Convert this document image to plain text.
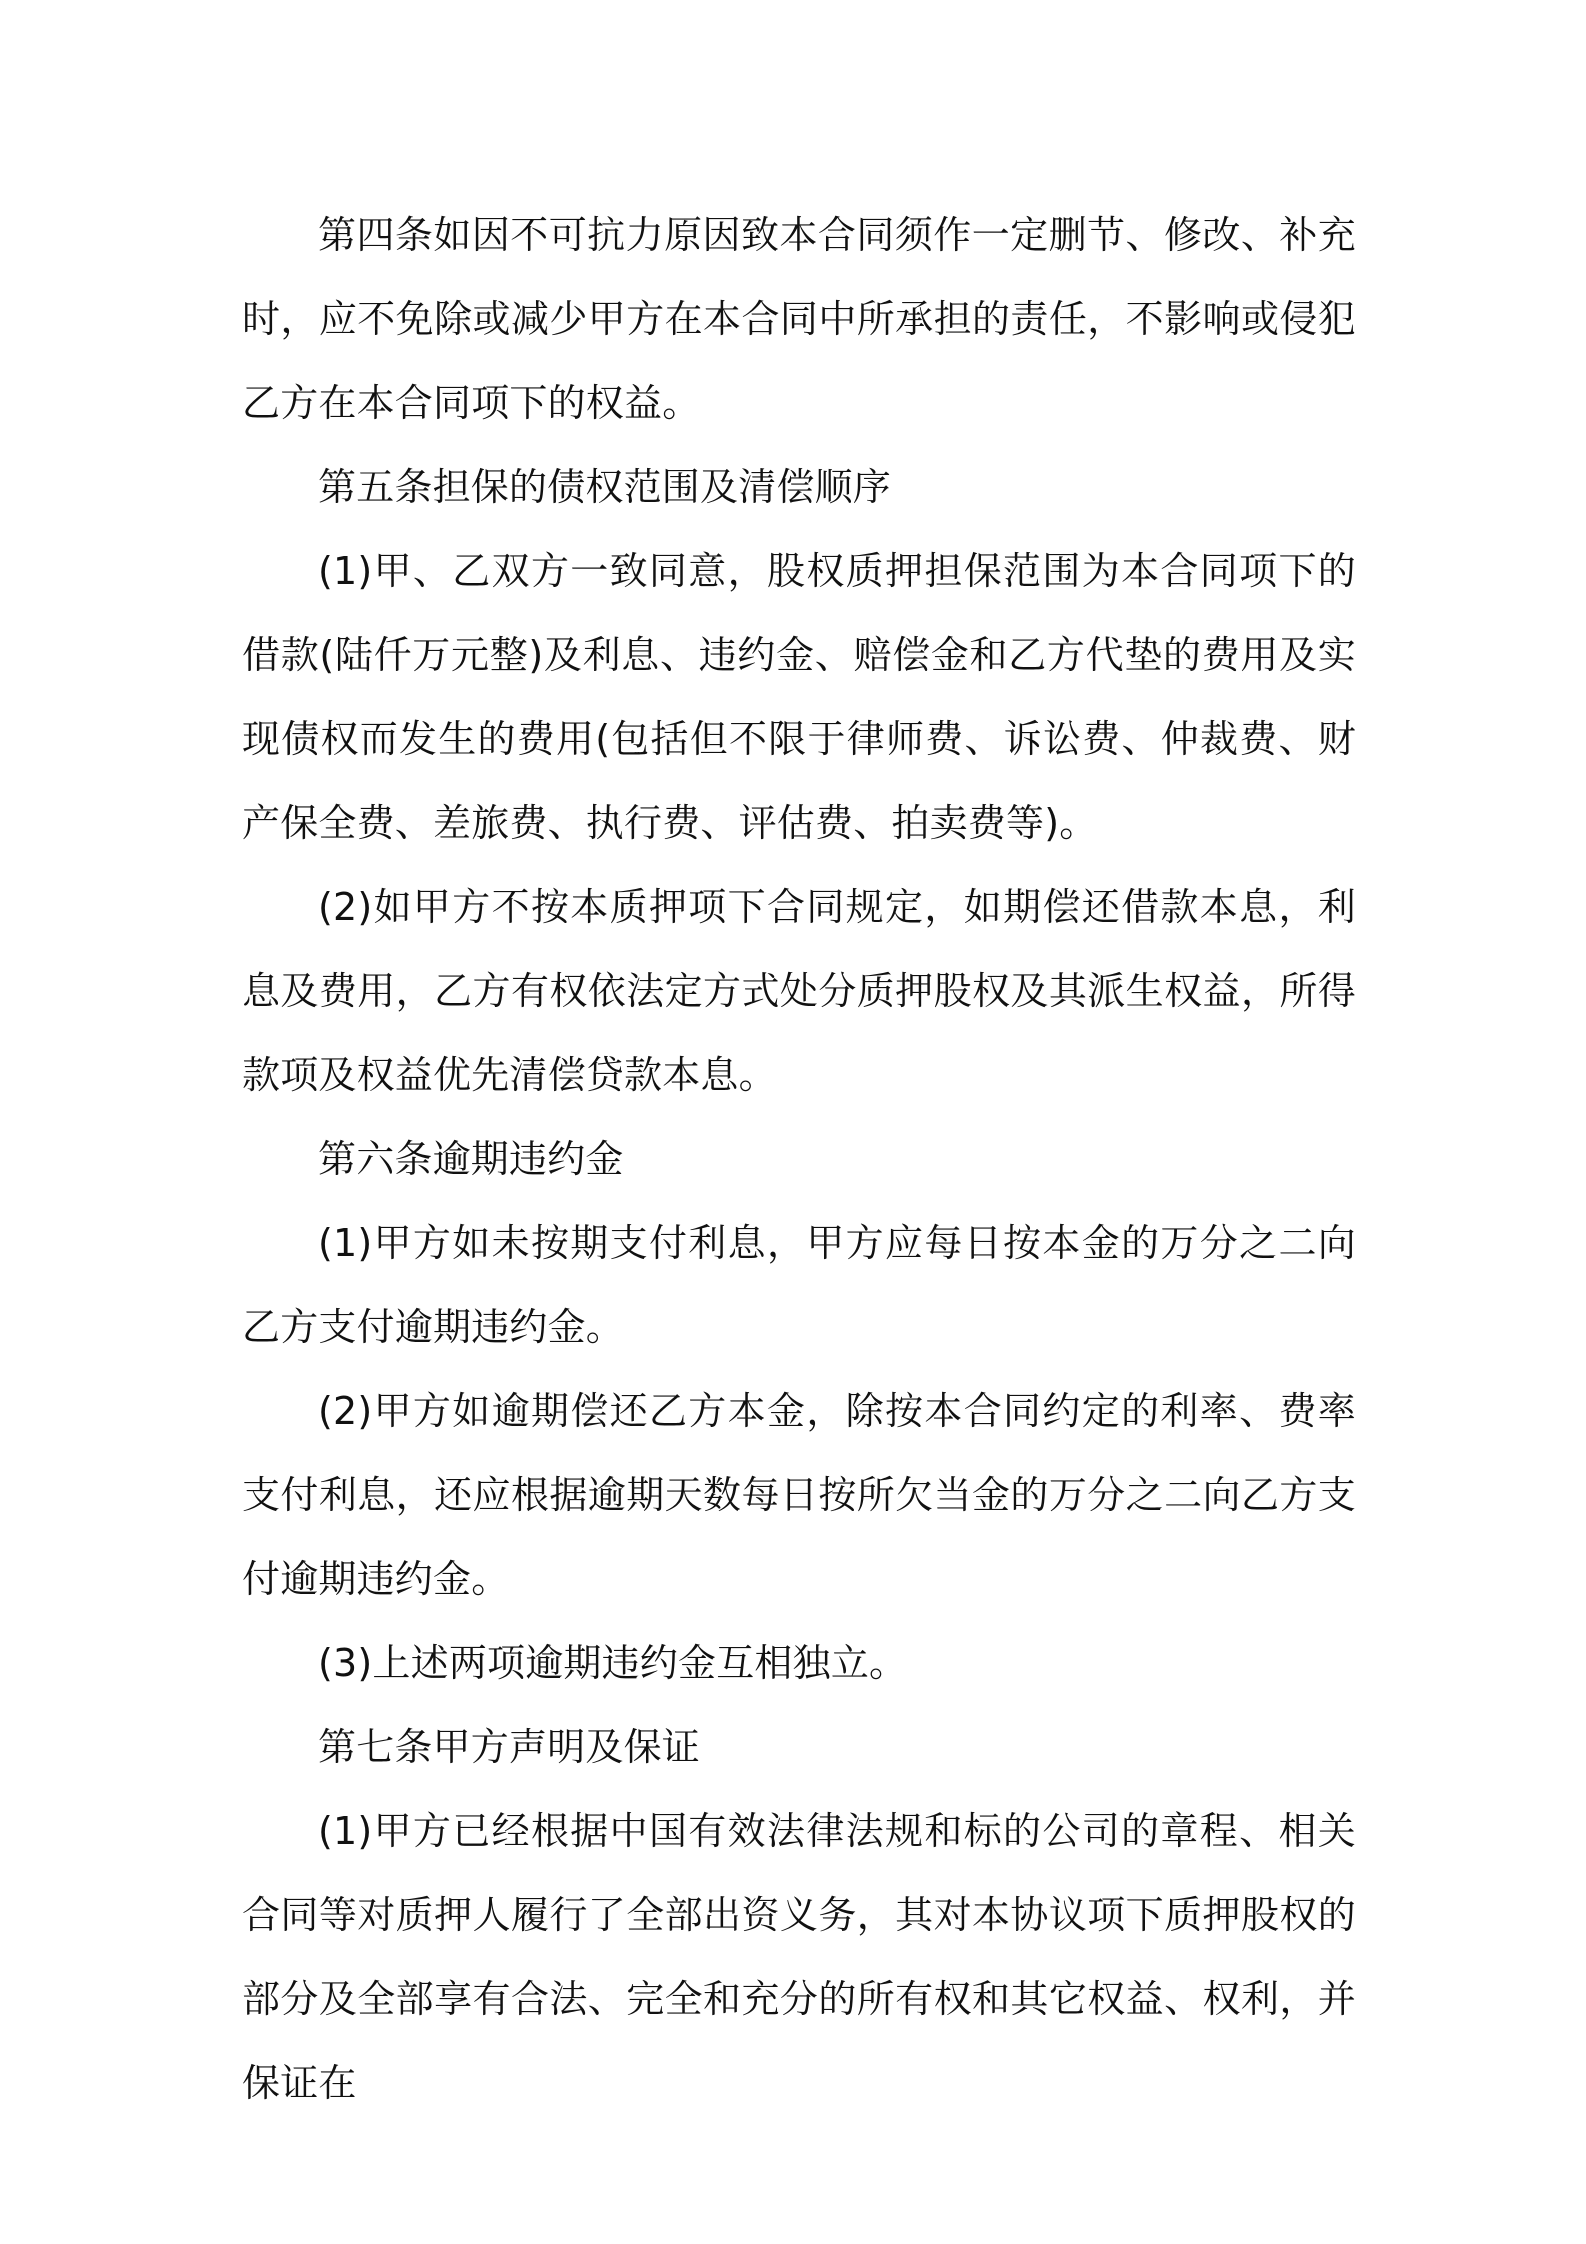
第四条如因不可抗力原因致本合同须作一定删节、修改、补充时，应不免除或减少甲方在本合同中所承担的责任，不影响或侵犯乙方在本合同项下的权益。

第五条担保的债权范围及清偿顺序

(1)甲、乙双方一致同意，股权质押担保范围为本合同项下的借款(陆仟万元整)及利息、违约金、赔偿金和乙方代垫的费用及实现债权而发生的费用(包括但不限于律师费、诉讼费、仲裁费、财产保全费、差旅费、执行费、评估费、拍卖费等)。

(2)如甲方不按本质押项下合同规定，如期偿还借款本息，利息及费用，乙方有权依法定方式处分质押股权及其派生权益，所得款项及权益优先清偿贷款本息。

第六条逾期违约金

(1)甲方如未按期支付利息，甲方应每日按本金的万分之二向乙方支付逾期违约金。

(2)甲方如逾期偿还乙方本金，除按本合同约定的利率、费率支付利息，还应根据逾期天数每日按所欠当金的万分之二向乙方支付逾期违约金。

(3)上述两项逾期违约金互相独立。

第七条甲方声明及保证

(1)甲方已经根据中国有效法律法规和标的公司的章程、相关合同等对质押人履行了全部出资义务，其对本协议项下质押股权的部分及全部享有合法、完全和充分的所有权和其它权益、权利，并保证在
